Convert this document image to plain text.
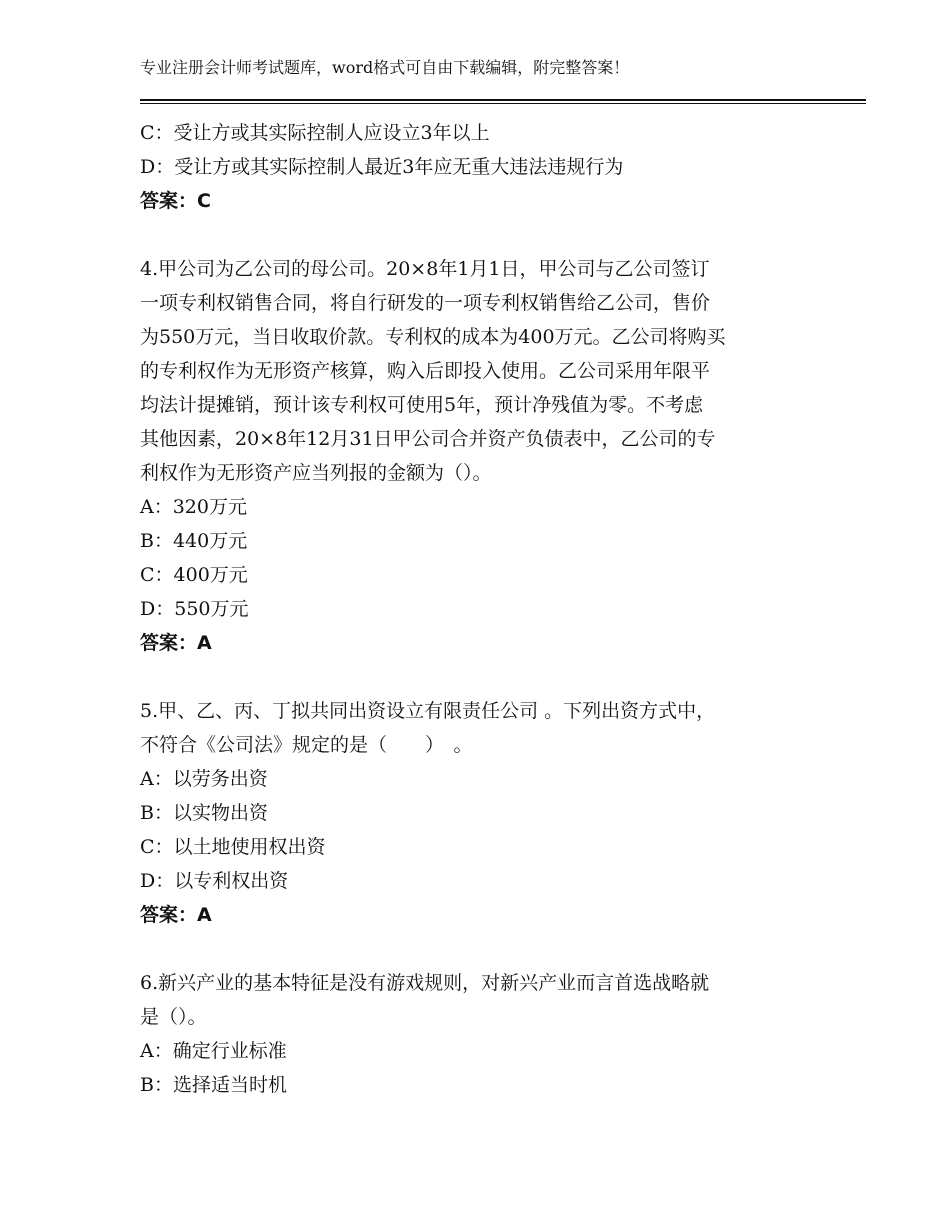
专业注册会计师考试题库，word格式可自由下载编辑，附完整答案！
C：受让方或其实际控制人应设立3年以上
D：受让方或其实际控制人最近3年应无重大违法违规行为
答案：C
4.甲公司为乙公司的母公司。20×8年1月1日，甲公司与乙公司签订
一项专利权销售合同，将自行研发的一项专利权销售给乙公司，售价
为550万元，当日收取价款。专利权的成本为400万元。乙公司将购买
的专利权作为无形资产核算，购入后即投入使用。乙公司采用年限平
均法计提摊销，预计该专利权可使用5年，预计净残值为零。不考虑
其他因素，20×8年12月31日甲公司合并资产负债表中，乙公司的专
利权作为无形资产应当列报的金额为（）。
A：320万元
B：440万元
C：400万元
D：550万元
答案：A
5.甲、乙、丙、丁拟共同出资设立有限责任公司 。下列出资方式中，
不符合《公司法》规定的是（　　）　。
A：以劳务出资
B：以实物出资
C：以土地使用权出资
D：以专利权出资
答案：A
6.新兴产业的基本特征是没有游戏规则，对新兴产业而言首选战略就
是（）。
A：确定行业标准
B：选择适当时机
